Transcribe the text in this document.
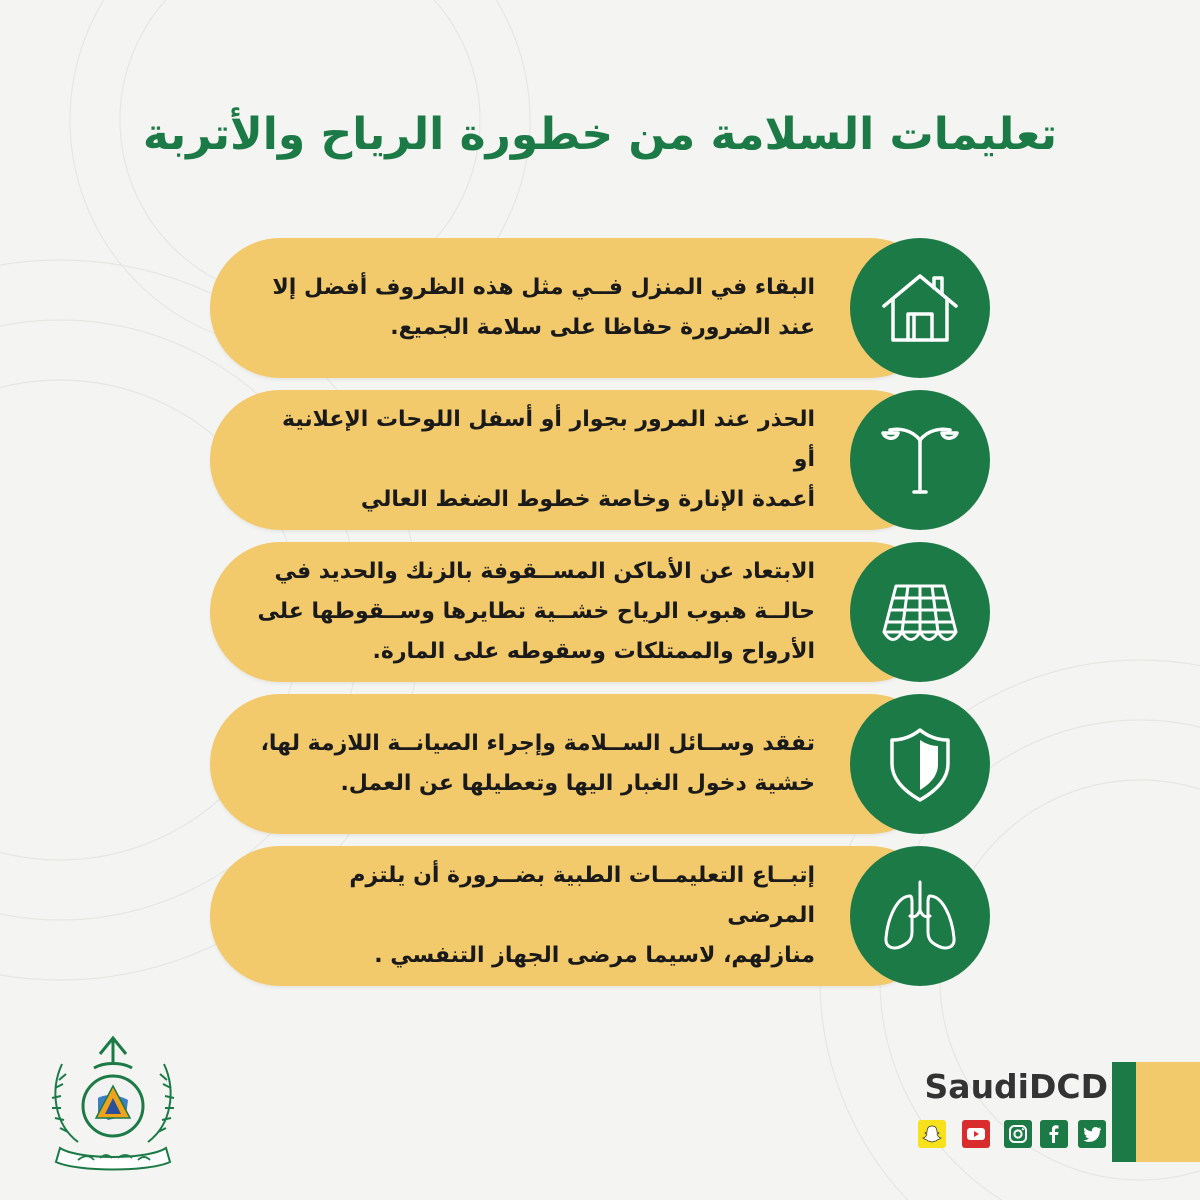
تعليمات السلامة من خطورة الرياح والأتربة
البقاء في المنزل فــي مثل هذه الظروف أفضل إلا
عند الضرورة حفاظا على سلامة الجميع.
الحذر عند المرور بجوار أو أسفل اللوحات الإعلانية أو
أعمدة الإنارة وخاصة خطوط الضغط العالي
الابتعاد عن الأماكن المســقوفة بالزنك والحديد في
حالــة هبوب الرياح خشــية تطايرها وســقوطها على
الأرواح والممتلكات وسقوطه على المارة.
تفقد وســائل الســلامة وإجراء الصيانــة اللازمة لها،
خشية دخول الغبار اليها وتعطيلها عن العمل.
إتبــاع التعليمــات الطبية بضــرورة أن يلتزم المرضى
منازلهم، لاسيما مرضى الجهاز التنفسي .
SaudiDCD
